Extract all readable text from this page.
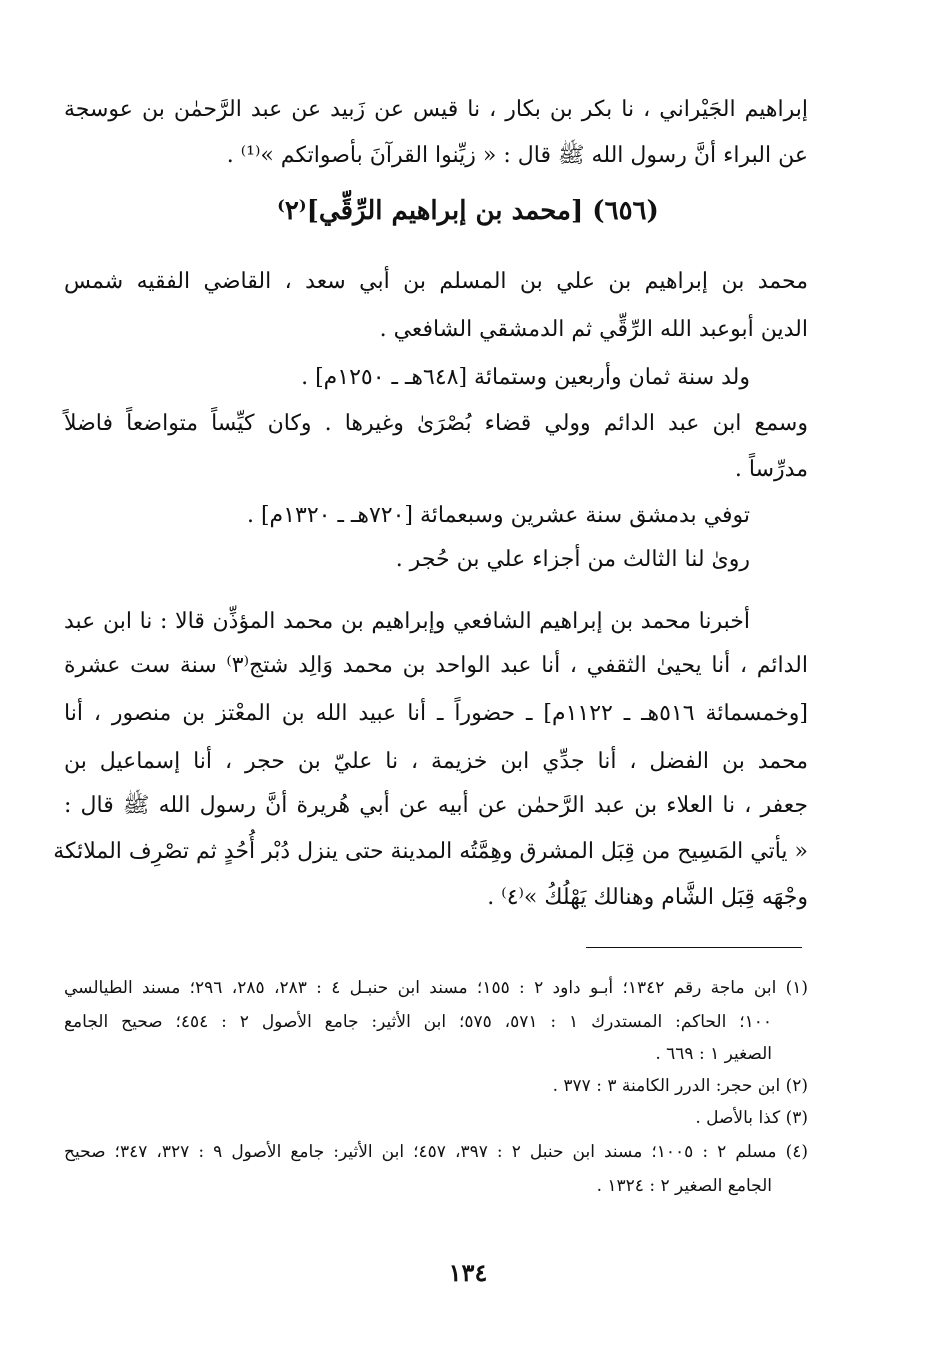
إبراهيم الجَيْراني ، نا بكر بن بكار ، نا قيس عن زَبيد عن عبد الرَّحمٰن بن عوسجة
عن البراء أنَّ رسول الله ﷺ قال : « زيِّنوا القرآنَ بأصواتكم »⁽¹⁾ .
(٦٥٦) [محمد بن إبراهيم الرِّقِّي]⁽٢⁾
محمد بن إبراهيم بن علي بن المسلم بن أبي سعد ، القاضي الفقيه شمس
الدين أبوعبد الله الرِّقِّي ثم الدمشقي الشافعي .
ولد سنة ثمان وأربعين وستمائة [٦٤٨هـ ـ ١٢٥٠م] .
وسمع ابن عبد الدائم وولي قضاء بُصْرَىٰ وغيرها . وكان كيِّساً متواضعاً فاضلاً
مدرِّساً .
توفي بدمشق سنة عشرين وسبعمائة [٧٢٠هـ ـ ١٣٢٠م] .
روىٰ لنا الثالث من أجزاء علي بن حُجر .
أخبرنا محمد بن إبراهيم الشافعي وإبراهيم بن محمد المؤذِّن قالا : نا ابن عبد
الدائم ، أنا يحيىٰ الثقفي ، أنا عبد الواحد بن محمد وَالِد شتج⁽٣⁾ سنة ست عشرة
[وخمسمائة ٥١٦هـ ـ ١١٢٢م] ـ حضوراً ـ أنا عبيد الله بن المعْتز بن منصور ، أنا
محمد بن الفضل ، أنا جدِّي ابن خزيمة ، نا عليّ بن حجر ، أنا إسماعيل بن
جعفر ، نا العلاء بن عبد الرَّحمٰن عن أبيه عن أبي هُريرة أنَّ رسول الله ﷺ قال :
« يأتي المَسِيح من قِبَل المشرق وهِمَّتُه المدينة حتى ينزل دُبْر أُحُدٍ ثم تصْرِف الملائكة
وجْهَه قِبَل الشَّام وهنالك يَهْلُكُ »⁽٤⁾ .
(١) ابن ماجة رقم ١٣٤٢؛ أبـو داود ٢ : ١٥٥؛ مسند ابن حنبـل ٤ : ٢٨٣، ٢٨٥، ٢٩٦؛ مسند الطيالسي
١٠٠؛ الحاكم: المستدرك ١ : ٥٧١، ٥٧٥؛ ابن الأثير: جامع الأصول ٢ : ٤٥٤؛ صحيح الجامع
الصغير ١ : ٦٦٩ .
(٢) ابن حجر: الدرر الكامنة ٣ : ٣٧٧ .
(٣) كذا بالأصل .
(٤) مسلم ٢ : ١٠٠٥؛ مسند ابن حنبل ٢ : ٣٩٧، ٤٥٧؛ ابن الأثير: جامع الأصول ٩ : ٣٢٧، ٣٤٧؛ صحيح
الجامع الصغير ٢ : ١٣٢٤ .
١٣٤
